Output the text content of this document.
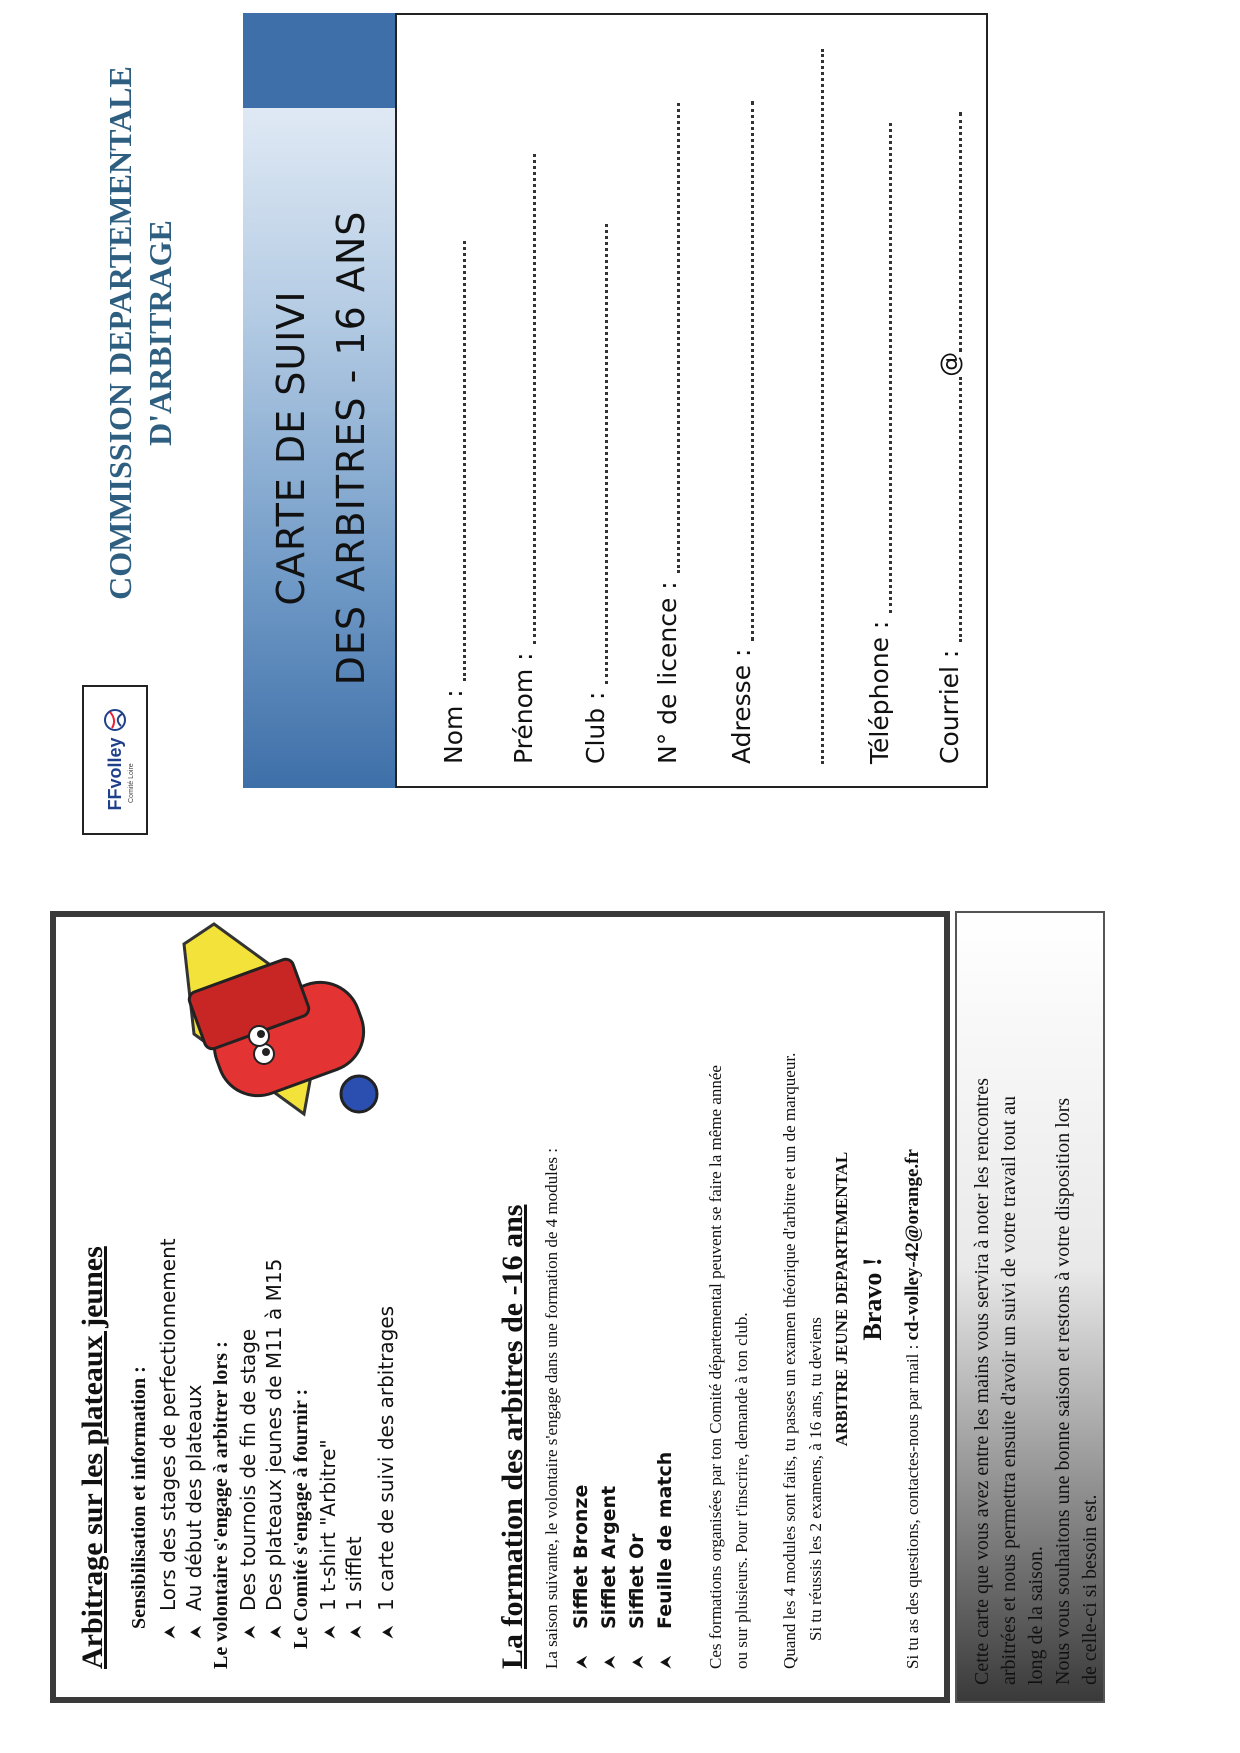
Arbitrage sur les plateaux jeunes Sensibilisation et information :
⮝Lors des stages de perfectionnement
⮝Au début des plateaux Le volontaire s'engage à arbitrer lors : ⮝Des tournois de fin de stage
⮝Des plateaux jeunes de M11 à M15 Le Comité s'engage à fournir : ⮝1 t-shirt "Arbitre"
⮝1 sifflet
⮝1 carte de suivi des arbitrages	La formation des arbitres de -16 ans La saison suivante, le volontaire s'engage dans une formation de 4 modules : ⮝Sifflet Bronze
⮝Sifflet Argent
⮝Sifflet Or
⮝Feuille de match Ces formations organisées par ton Comité départemental peuvent se faire la même année ou sur plusieurs. Pour t'inscrire, demande à ton club. Quand les 4 modules sont faits, tu passes un examen théorique d'arbitre et un de marqueur. Si tu réussis les 2 examens, à 16 ans, tu deviens
ARBITRE JEUNE DEPARTEMENTAL Bravo !
Si tu as des questions, contactes-nous par mail : cd-volley-42@orange.fr Cette carte que vous avez entre les mains vous servira à noter les rencontres arbitrées et nous permettra ensuite d'avoir un suivi de votre travail tout au long de la saison. Nous vous souhaitons une bonne saison et restons à votre disposition lors de celle-ci si besoin est.

FFvolley Comité Loire
COMMISSION DEPARTEMENTALE D'ARBITRAGE CARTE DE SUIVI DES ARBITRES - 16 ANS
Nom : Prénom : Club : N° de licence : Adresse :	Téléphone : Courriel : @
